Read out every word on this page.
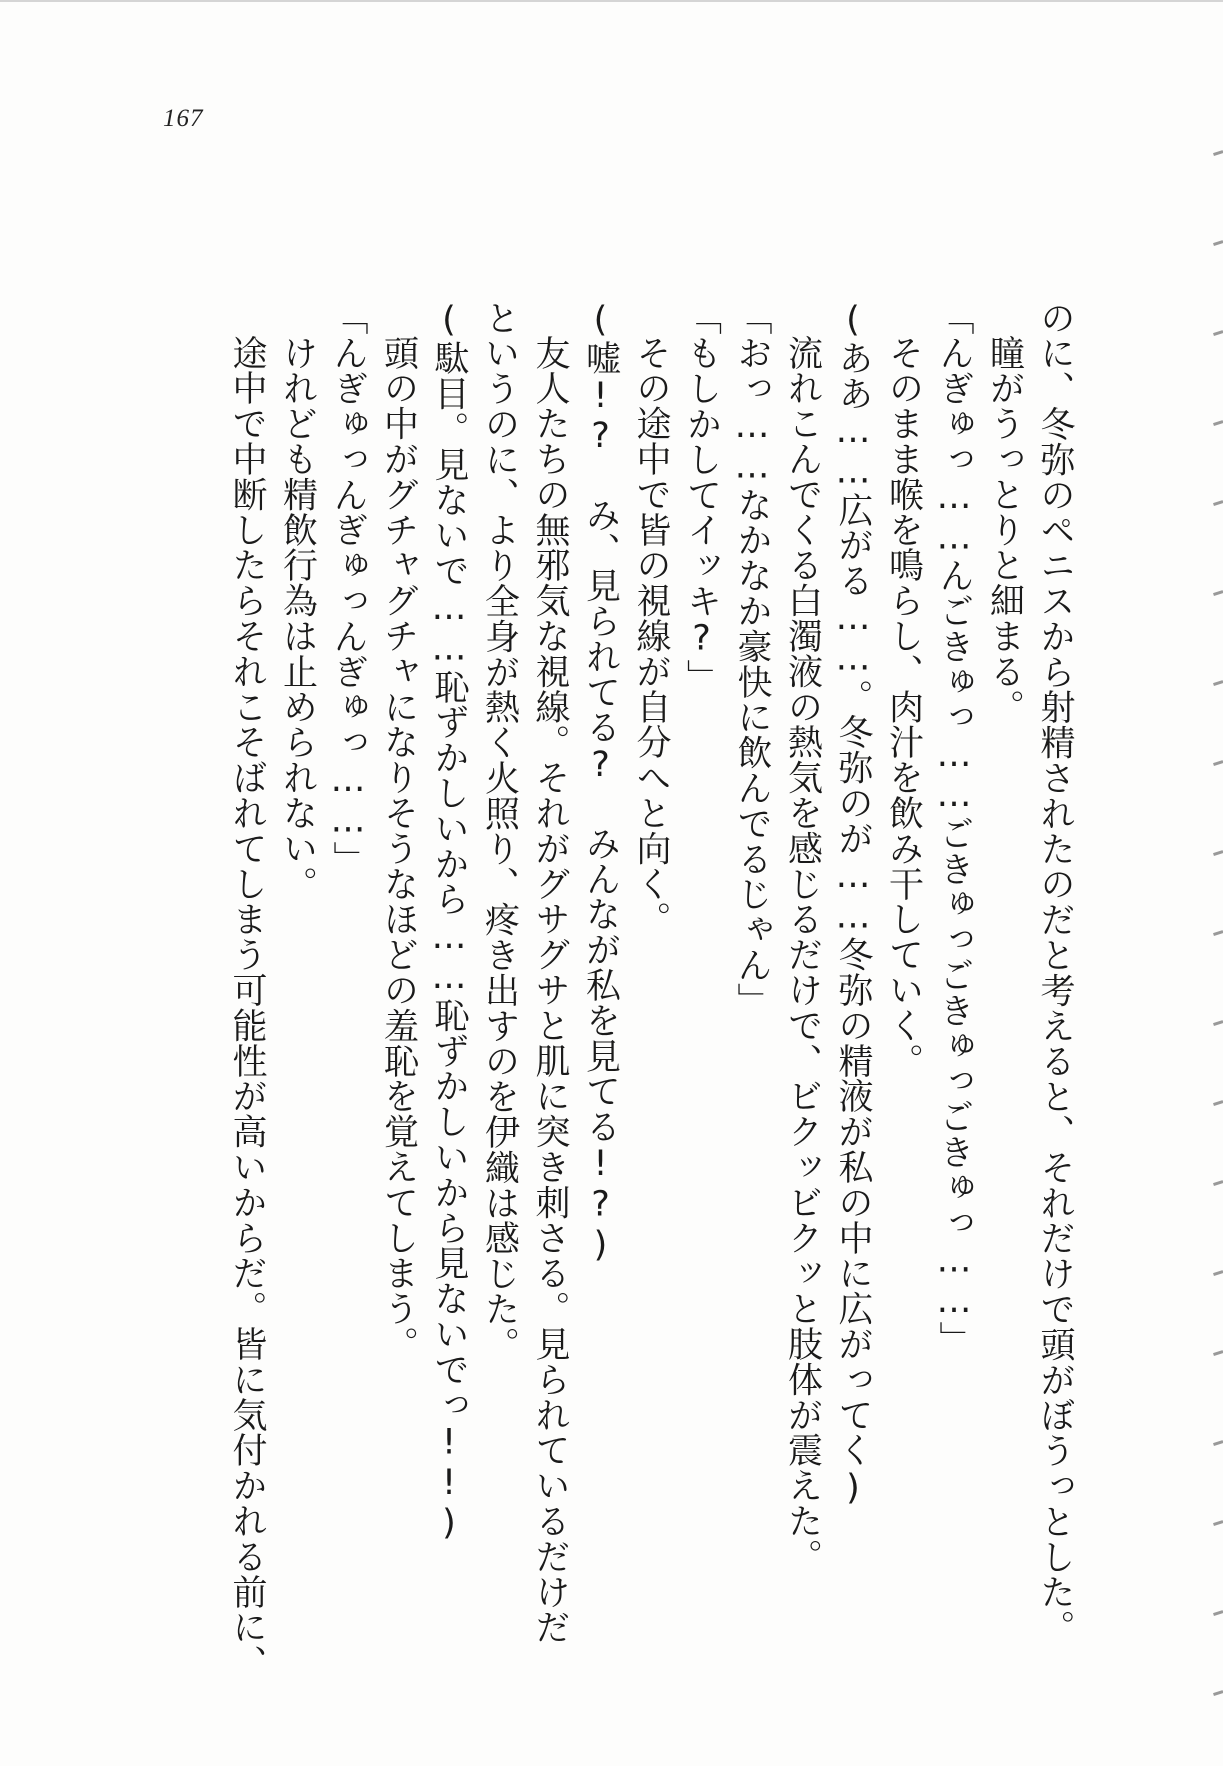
167
のに、冬弥のペニスから射精されたのだと考えると、それだけで頭がぼうっとした。
瞳がうっとりと細まる。
「んぎゅっ……んごきゅっ……ごきゅっごきゅっごきゅっ……」
そのまま喉を鳴らし、肉汁を飲み干していく。
(ああ……広がる……。冬弥のが……冬弥の精液が私の中に広がってく)
流れこんでくる白濁液の熱気を感じるだけで、ビクッビクッと肢体が震えた。
「おっ……なかなか豪快に飲んでるじゃん」
「もしかしてイッキ?」
その途中で皆の視線が自分へと向く。
(嘘!? み、見られてる? みんなが私を見てる!?)
友人たちの無邪気な視線。それがグサグサと肌に突き刺さる。見られているだけだ
というのに、より全身が熱く火照り、疼き出すのを伊織は感じた。
(駄目。見ないで……恥ずかしいから……恥ずかしいから見ないでっ!!)
頭の中がグチャグチャになりそうなほどの羞恥を覚えてしまう。
「んぎゅっんぎゅっんぎゅっ……」
けれども精飲行為は止められない。
途中で中断したらそれこそばれてしまう可能性が高いからだ。皆に気付かれる前に、
